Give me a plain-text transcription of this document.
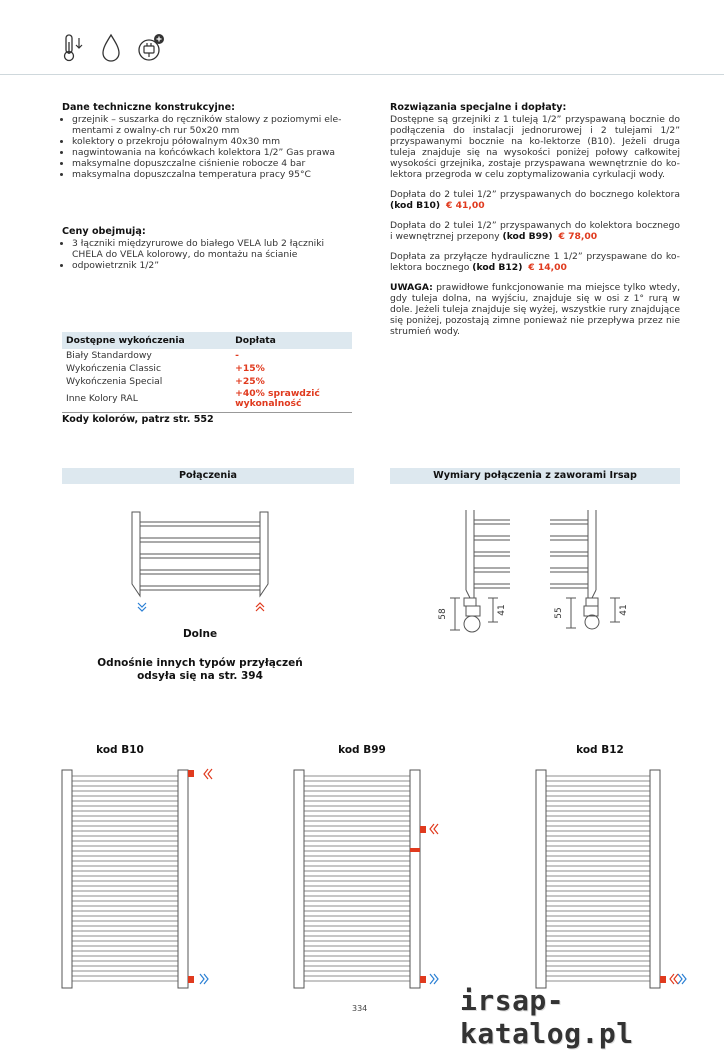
Dane techniczne konstrukcyjne:
• grzejnik – suszarka do ręczników stalowy z poziomymi ele- mentami z owalny-ch rur 50x20 mm
• kolektory o przekroju półowalnym 40x30 mm
• nagwintowania na końcówkach kolektora 1/2” Gas prawa
• maksymalne dopuszczalne ciśnienie robocze 4 bar
• maksymalna dopuszczalna temperatura pracy 95°C
Ceny obejmują:
• 3 łączniki międzyrurowe do białego VELA lub 2 łączniki CHELA do VELA kolorowy, do montażu na ścianie
• odpowietrznik 1/2”
Dostępne wykończenia	Dopłata
Biały Standardowy	-
Wykończenia Classic	+15%
Wykończenia Special	+25%
Inne Kolory RAL	+40% sprawdzić wykonalność
Kody kolorów, patrz str. 552
Rozwiązania specjalne i dopłaty:

Dostępne są grzejniki z 1 tuleją 1/2” przyspawaną bocznie do podłączenia do instalacji jednorurowej i 2 tulejami 1/2” przyspawanymi bocznie na ko-lektorze (B10). Jeżeli druga tuleja znajduje się na wysokości poniżej połowy całkowitej wysokości grzejnika, zostaje przyspawana wewnętrznie do ko- lektora przegroda w celu zoptymalizowania cyrkulacji wody.

Dopłata do 2 tulei 1/2” przyspawanych do bocznego kolektora (kod B10) € 41,00

Dopłata do 2 tulei 1/2” przyspawanych do kolektora bocznego i wewnętrznej przepony (kod B99) € 78,00

Dopłata za przyłącze hydrauliczne 1 1/2” przyspawane do ko- lektora bocznego (kod B12) € 14,00

UWAGA: prawidłowe funkcjonowanie ma miejsce tylko wtedy, gdy tuleja dolna, na wyjściu, znajduje się w osi z 1° rurą w dole. Jeżeli tuleja znajduje się wyżej, wszystkie rury znajdujące się poniżej, pozostają zimne ponieważ nie przepływa przez nie strumień wody.

Połączenia	Wymiary połączenia z zaworami Irsap
Dolne
Odnośnie innych typów przyłączeń
odsyła się na str. 394
58	41	55	41
kod B10	kod B99	kod B12
334	irsap-katalog.pl
